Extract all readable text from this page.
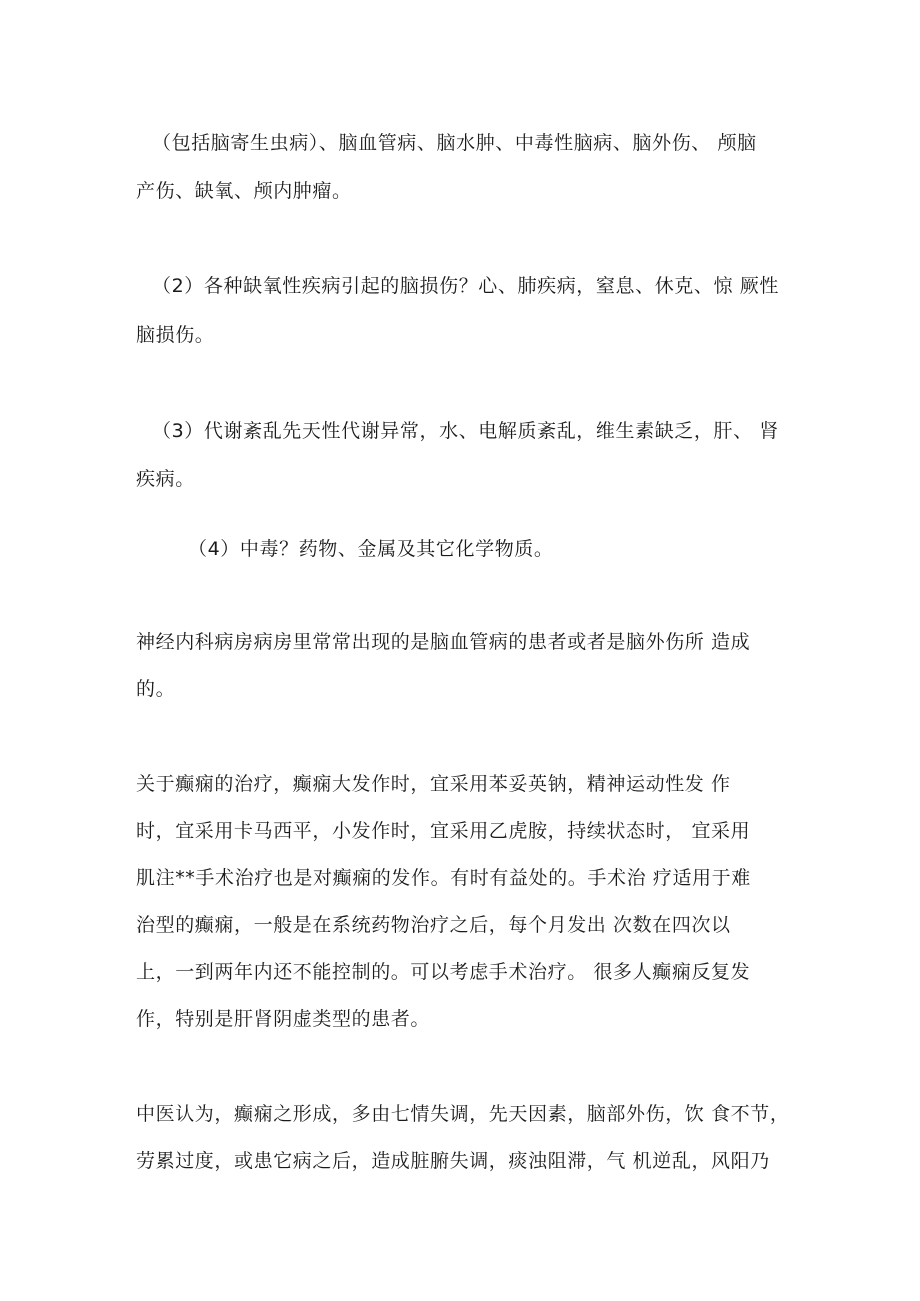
（包括脑寄生虫病）、脑血管病、脑水肿、中毒性脑病、脑外伤、 颅脑
产伤、缺氧、颅内肿瘤。
（2）各种缺氧性疾病引起的脑损伤？心、肺疾病，窒息、休克、惊 厥性
脑损伤。
（3）代谢紊乱先天性代谢异常，水、电解质紊乱，维生素缺乏，肝、 肾
疾病。
（4）中毒？药物、金属及其它化学物质。
神经内科病房病房里常常出现的是脑血管病的患者或者是脑外伤所 造成
的。
关于癫痫的治疗，癫痫大发作时，宜采用苯妥英钠，精神运动性发 作
时，宜采用卡马西平，小发作时，宜采用乙虎胺，持续状态时， 宜采用
肌注**手术治疗也是对癫痫的发作。有时有益处的。手术治 疗适用于难
治型的癫痫，一般是在系统药物治疗之后，每个月发出 次数在四次以
上，一到两年内还不能控制的。可以考虑手术治疗。 很多人癫痫反复发
作，特别是肝肾阴虚类型的患者。
中医认为，癫痫之形成，多由七情失调，先天因素，脑部外伤，饮 食不节，
劳累过度，或患它病之后，造成脏腑失调，痰浊阻滞，气 机逆乱，风阳乃
